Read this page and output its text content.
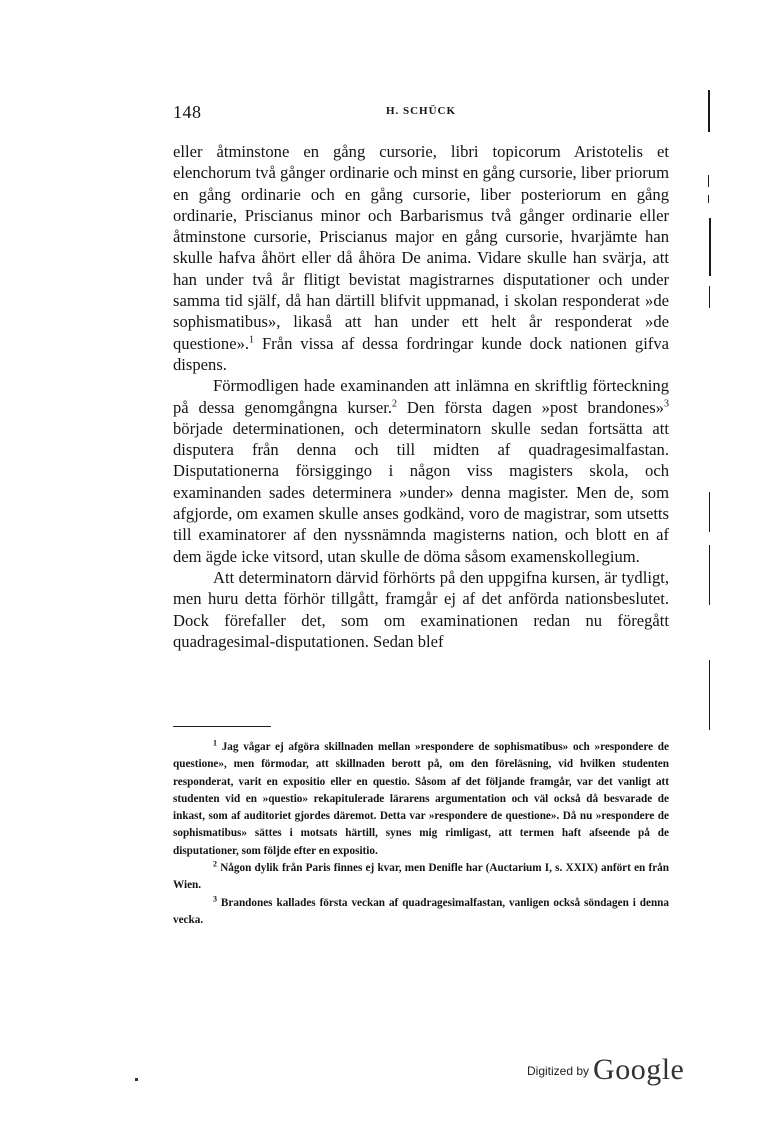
148	H. SCHÜCK

eller åtminstone en gång cursorie, libri topicorum Aristotelis et elenchorum två gånger ordinarie och minst en gång cursorie, liber priorum en gång ordinarie och en gång cursorie, liber posteriorum en gång ordinarie, Priscianus minor och Barbarismus två gånger ordinarie eller åtminstone cursorie, Priscianus major en gång cursorie, hvarjämte han skulle hafva åhört eller då åhöra De anima. Vidare skulle han svärja, att han under två år flitigt bevistat magistrarnes disputationer och under samma tid själf, då han därtill blifvit uppmanad, i skolan responderat »de sophismatibus», likaså att han under ett helt år responderat »de questione».$^1$ Från vissa af dessa fordringar kunde dock nationen gifva dispens.

Förmodligen hade examinanden att inlämna en skriftlig förteckning på dessa genomgångna kurser.$^2$ Den första dagen »post brandones»$^3$ började determinationen, och determinatorn skulle sedan fortsätta att disputera från denna och till midten af quadragesimalfastan. Disputationerna försiggingo i någon viss magisters skola, och examinanden sades determinera »under» denna magister. Men de, som afgjorde, om examen skulle anses godkänd, voro de magistrar, som utsetts till examinatorer af den nyssnämnda magisterns nation, och blott en af dem ägde icke vitsord, utan skulle de döma såsom examenskollegium.

Att determinatorn därvid förhörts på den uppgifna kursen, är tydligt, men huru detta förhör tillgått, framgår ej af det anförda nationsbeslutet. Dock förefaller det, som om examinationen redan nu föregått quadragesimal-disputationen. Sedan blef

$^1$ Jag vågar ej afgöra skillnaden mellan »respondere de sophismatibus» och »respondere de questione», men förmodar, att skillnaden berott på, om den föreläsning, vid hvilken studenten responderat, varit en expositio eller en questio. Såsom af det följande framgår, var det vanligt att studenten vid en »questio» rekapitulerade lärarens argumentation och väl också då besvarade de inkast, som af auditoriet gjordes däremot. Detta var »respondere de questione». Då nu »respondere de sophismatibus» sättes i motsats härtill, synes mig rimligast, att termen haft afseende på de disputationer, som följde efter en expositio.

$^2$ Någon dylik från Paris finnes ej kvar, men Denifle har (Auctarium I, s. XXIX) anfört en från Wien.

$^3$ Brandones kallades första veckan af quadragesimalfastan, vanligen också söndagen i denna vecka.

$^{Digitized by}$ Google
